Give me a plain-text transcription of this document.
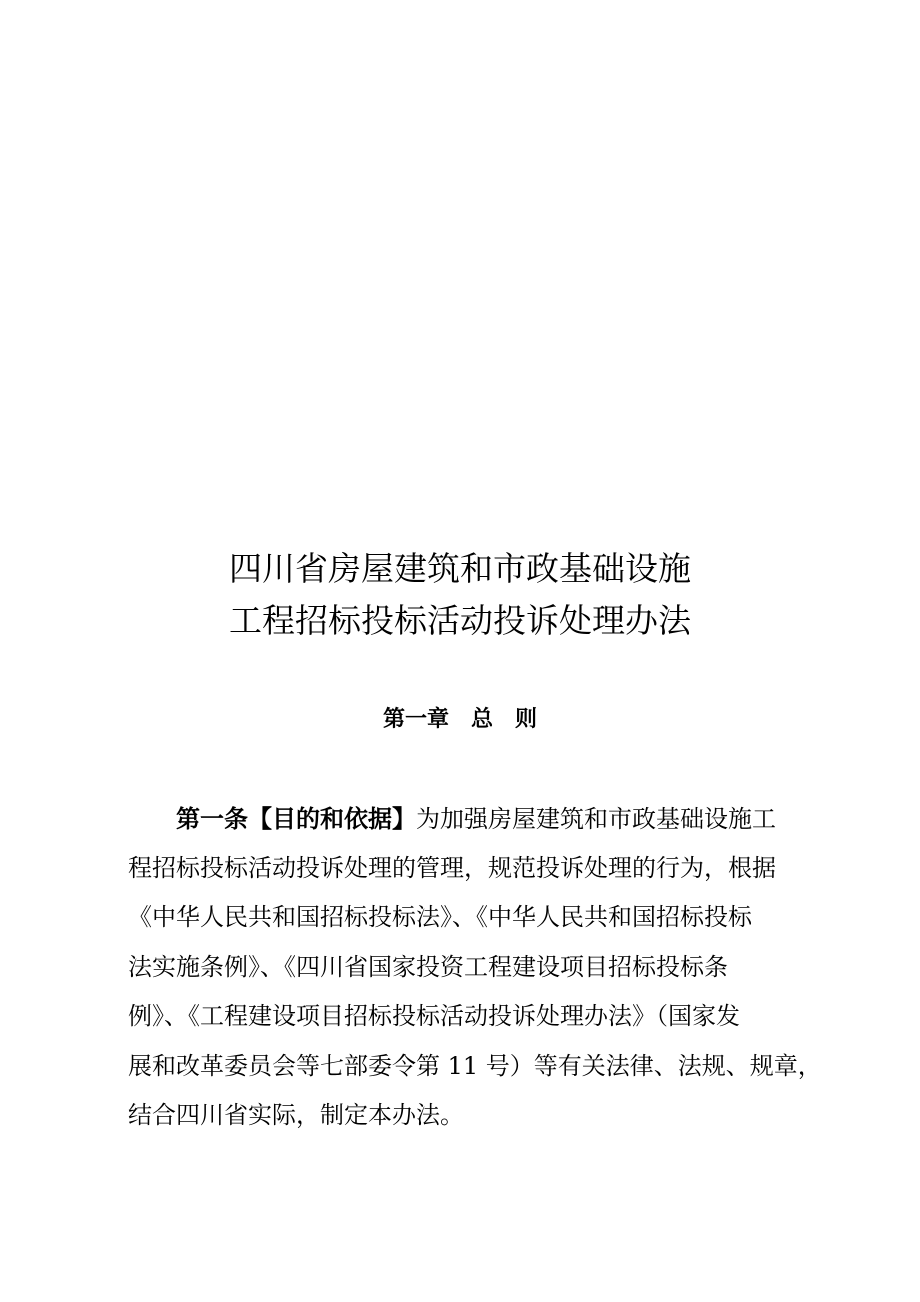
四川省房屋建筑和市政基础设施
工程招标投标活动投诉处理办法
第一章　总　则
第一条【目的和依据】为加强房屋建筑和市政基础设施工
程招标投标活动投诉处理的管理，规范投诉处理的行为，根据
《中华人民共和国招标投标法》、《中华人民共和国招标投标
法实施条例》、《四川省国家投资工程建设项目招标投标条
例》、《工程建设项目招标投标活动投诉处理办法》（国家发
展和改革委员会等七部委令第 11 号）等有关法律、法规、规章，
结合四川省实际，制定本办法。
